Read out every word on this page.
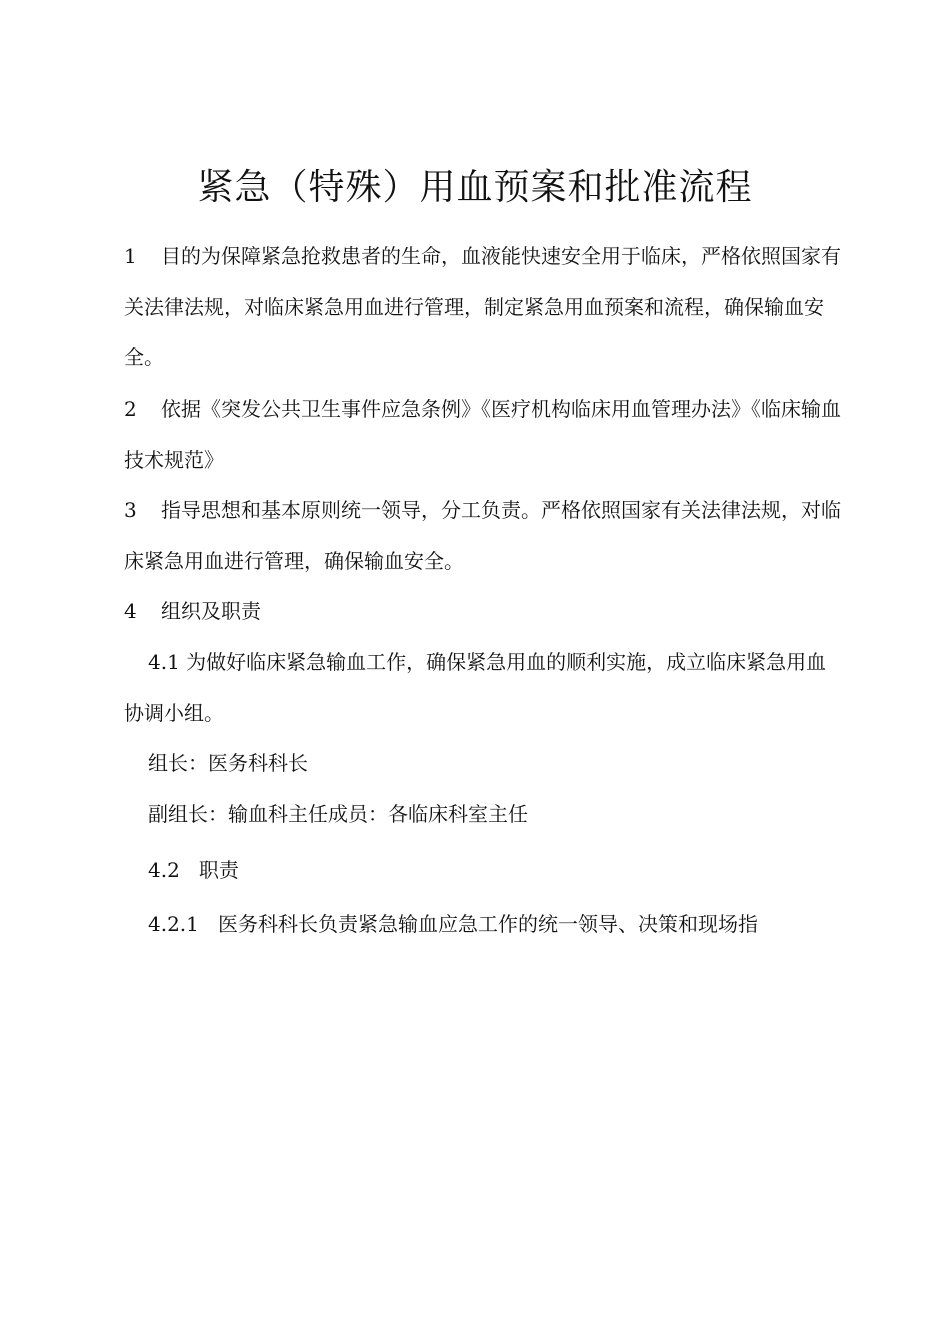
紧急（特殊）用血预案和批准流程
1 目的为保障紧急抢救患者的生命，血液能快速安全用于临床，严格依照国家有关法律法规，对临床紧急用血进行管理，制定紧急用血预案和流程，确保输血安全。
2 依据《突发公共卫生事件应急条例》《医疗机构临床用血管理办法》《临床输血技术规范》
3 指导思想和基本原则统一领导，分工负责。严格依照国家有关法律法规，对临床紧急用血进行管理，确保输血安全。
4 组织及职责
4.1 为做好临床紧急输血工作，确保紧急用血的顺利实施，成立临床紧急用血协调小组。
组长：医务科科长
副组长：输血科主任成员：各临床科室主任
4.2 职责
4.2.1 医务科科长负责紧急输血应急工作的统一领导、决策和现场指
